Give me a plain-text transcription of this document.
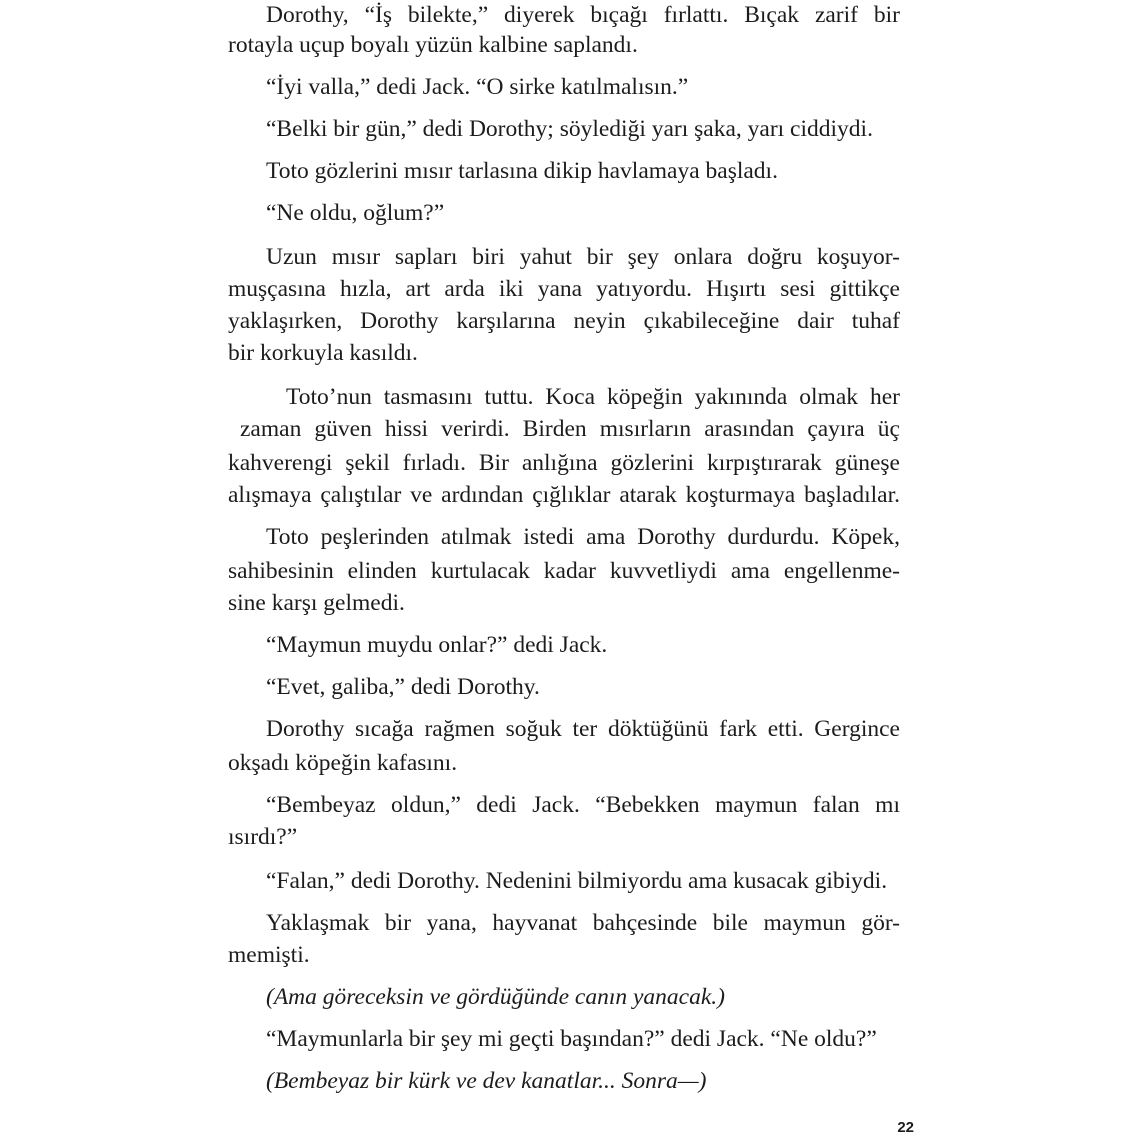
Dorothy, “İş bilekte,” diyerek bıçağı fırlattı. Bıçak zarif bir
rotayla uçup boyalı yüzün kalbine saplandı.
“İyi valla,” dedi Jack. “O sirke katılmalısın.”
“Belki bir gün,” dedi Dorothy; söylediği yarı şaka, yarı ciddiydi.
Toto gözlerini mısır tarlasına dikip havlamaya başladı.
“Ne oldu, oğlum?”
Uzun mısır sapları biri yahut bir şey onlara doğru koşuyor-
muşçasına hızla, art arda iki yana yatıyordu. Hışırtı sesi gittikçe
yaklaşırken, Dorothy karşılarına neyin çıkabileceğine dair tuhaf
bir korkuyla kasıldı.
Toto’nun tasmasını tuttu. Koca köpeğin yakınında olmak her
zaman güven hissi verirdi. Birden mısırların arasından çayıra üç
kahverengi şekil fırladı. Bir anlığına gözlerini kırpıştırarak güneşe
alışmaya çalıştılar ve ardından çığlıklar atarak koşturmaya başladılar.
Toto peşlerinden atılmak istedi ama Dorothy durdurdu. Köpek,
sahibesinin elinden kurtulacak kadar kuvvetliydi ama engellenme-
sine karşı gelmedi.
“Maymun muydu onlar?” dedi Jack.
“Evet, galiba,” dedi Dorothy.
Dorothy sıcağa rağmen soğuk ter döktüğünü fark etti. Gergince
okşadı köpeğin kafasını.
“Bembeyaz oldun,” dedi Jack. “Bebekken maymun falan mı
ısırdı?”
“Falan,” dedi Dorothy. Nedenini bilmiyordu ama kusacak gibiydi.
Yaklaşmak bir yana, hayvanat bahçesinde bile maymun gör-
memişti.
(Ama göreceksin ve gördüğünde canın yanacak.)
“Maymunlarla bir şey mi geçti başından?” dedi Jack. “Ne oldu?”
(Bembeyaz bir kürk ve dev kanatlar... Sonra—)
22
